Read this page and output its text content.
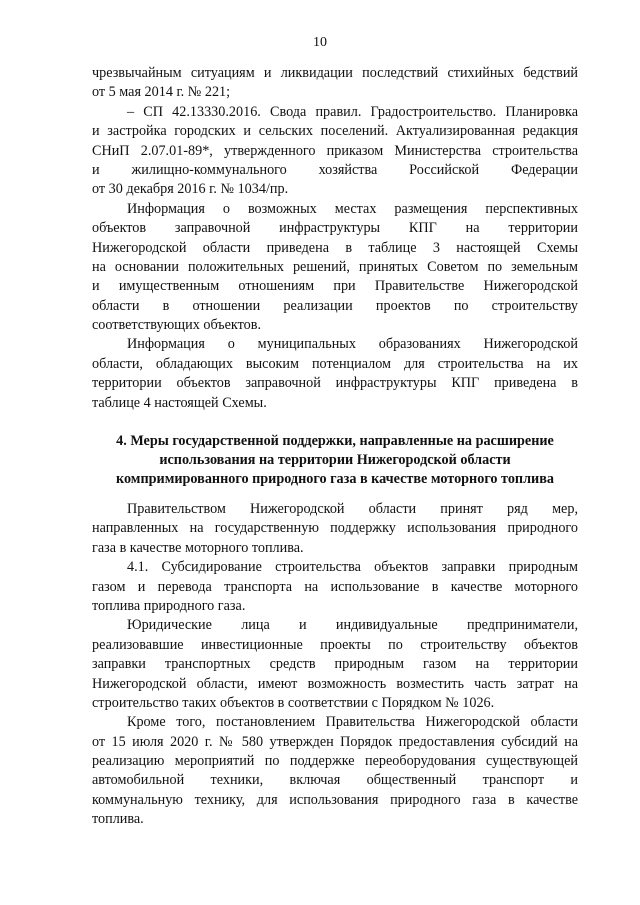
10
чрезвычайным ситуациям и ликвидации последствий стихийных бедствий
от 5 мая 2014 г. № 221;
– СП 42.13330.2016. Свода правил. Градостроительство. Планировка
и застройка городских и сельских поселений. Актуализированная редакция
СНиП 2.07.01-89*, утвержденного приказом Министерства строительства
и жилищно-коммунального хозяйства Российской Федерации
от 30 декабря 2016 г. № 1034/пр.
Информация о возможных местах размещения перспективных
объектов заправочной инфраструктуры КПГ на территории
Нижегородской области приведена в таблице 3 настоящей Схемы
на основании положительных решений, принятых Советом по земельным
и имущественным отношениям при Правительстве Нижегородской
области в отношении реализации проектов по строительству
соответствующих объектов.
Информация о муниципальных образованиях Нижегородской
области, обладающих высоким потенциалом для строительства на их
территории объектов заправочной инфраструктуры КПГ приведена в
таблице 4 настоящей Схемы.
4. Меры государственной поддержки, направленные на расширение
использования на территории Нижегородской области
компримированного природного газа в качестве моторного топлива
Правительством Нижегородской области принят ряд мер,
направленных на государственную поддержку использования природного
газа в качестве моторного топлива.
4.1. Субсидирование строительства объектов заправки природным
газом и перевода транспорта на использование в качестве моторного
топлива природного газа.
Юридические лица и индивидуальные предприниматели,
реализовавшие инвестиционные проекты по строительству объектов
заправки транспортных средств природным газом на территории
Нижегородской области, имеют возможность возместить часть затрат на
строительство таких объектов в соответствии с Порядком № 1026.
Кроме того, постановлением Правительства Нижегородской области
от 15 июля 2020 г. № 580 утвержден Порядок предоставления субсидий на
реализацию мероприятий по поддержке переоборудования существующей
автомобильной техники, включая общественный транспорт и
коммунальную технику, для использования природного газа в качестве
топлива.
